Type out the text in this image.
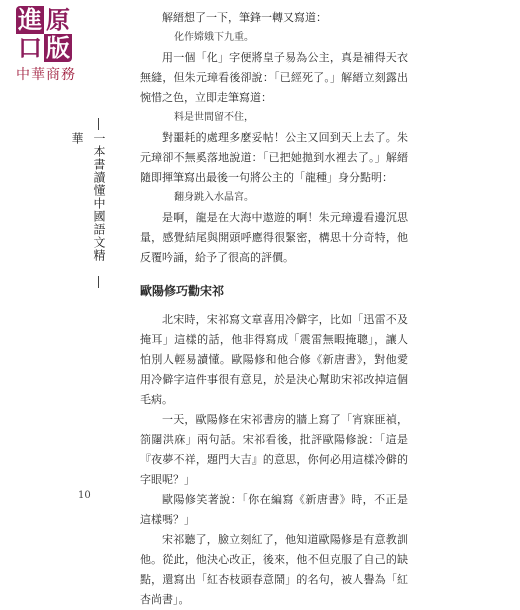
進 原
口 版
中華商務
一本書讀懂中國語文精華

解縉想了一下，筆鋒一轉又寫道：

化作嫦娥下九重。

用一個「化」字便將皇子易為公主，真是補得天衣無縫，但朱元璋看後卻說：「已經死了。」解縉立刻露出惋惜之色，立即走筆寫道：

料是世間留不住，

對噩耗的處理多麼妥帖！公主又回到天上去了。朱元璋卻不無奚落地說道：「已把她拋到水裡去了。」解縉隨即揮筆寫出最後一句將公主的「龍種」身分點明：

翻身跳入水晶宮。

是啊，龍是在大海中遨遊的啊！朱元璋邊看邊沉思量，感覺結尾與開頭呼應得很緊密，構思十分奇特，他反覆吟誦，給予了很高的評價。

歐陽修巧勸宋祁

北宋時，宋祁寫文章喜用冷僻字，比如「迅雷不及掩耳」這樣的話，他非得寫成「震雷無暇掩聰」，讓人怕別人輕易讀懂。歐陽修和他合修《新唐書》，對他愛用冷僻字這件事很有意見，於是決心幫助宋祁改掉這個毛病。

一天，歐陽修在宋祁書房的牆上寫了「宵寐匪禎，箚闥洪庥」兩句話。宋祁看後，批評歐陽修說：「這是『夜夢不祥，題門大吉』的意思，你何必用這樣冷僻的字眼呢？」

歐陽修笑著說：「你在編寫《新唐書》時，不正是這樣嗎？」

宋祁聽了，臉立刻紅了，他知道歐陽修是有意教訓他。從此，他決心改正，後來，他不但克服了自己的缺點，還寫出「紅杏枝頭春意鬧」的名句，被人譽為「紅杏尚書」。

10
